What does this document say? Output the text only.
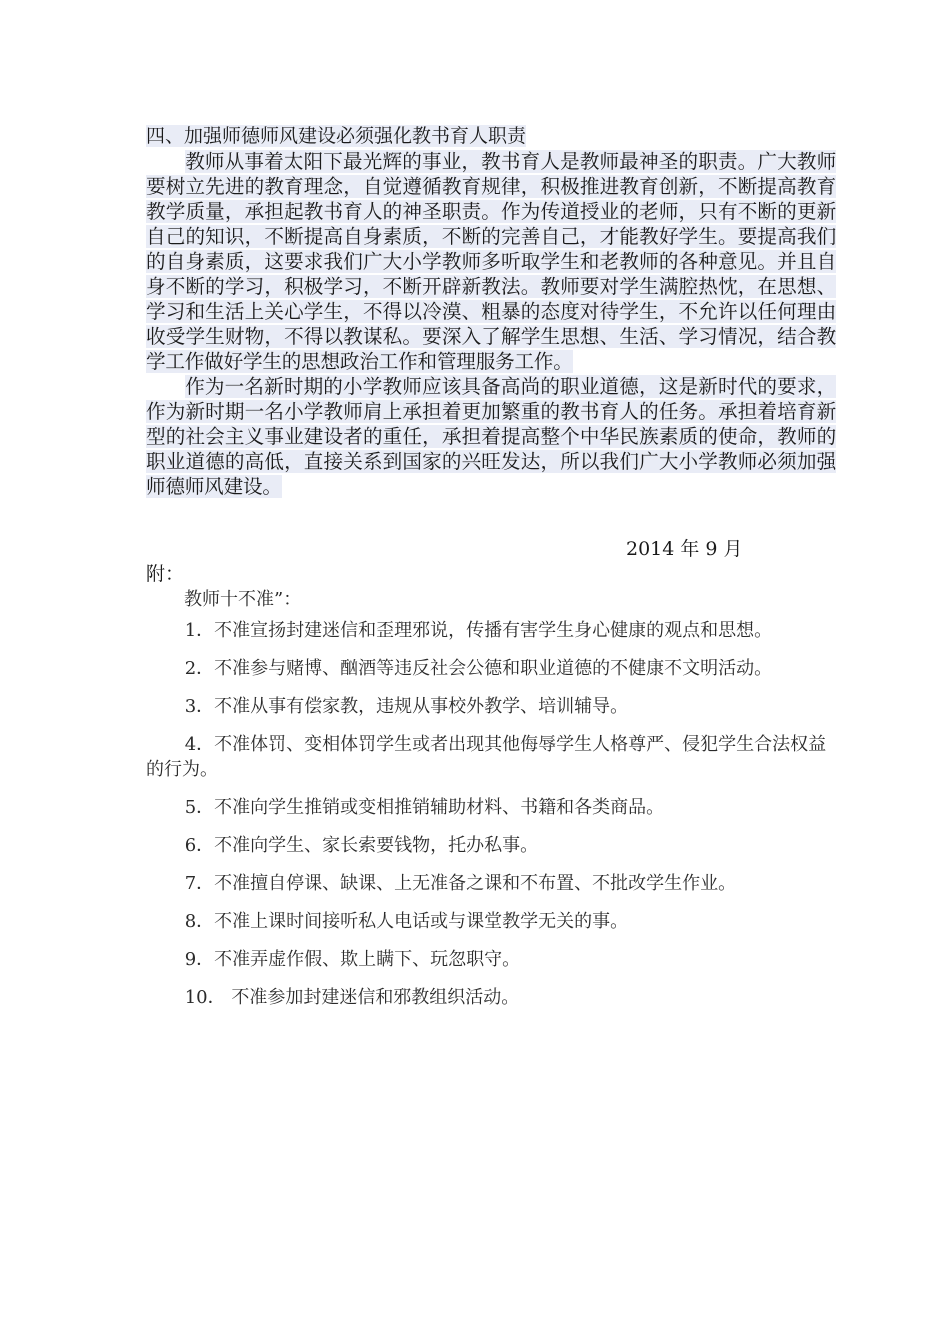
四、加强师德师风建设必须强化教书育人职责

教师从事着太阳下最光辉的事业，教书育人是教师最神圣的职责。广大教师要树立先进的教育理念，自觉遵循教育规律，积极推进教育创新，不断提高教育教学质量，承担起教书育人的神圣职责。作为传道授业的老师，只有不断的更新自己的知识，不断提高自身素质，不断的完善自己，才能教好学生。要提高我们的自身素质，这要求我们广大小学教师多听取学生和老教师的各种意见。并且自身不断的学习，积极学习，不断开辟新教法。教师要对学生满腔热忱，在思想、学习和生活上关心学生，不得以冷漠、粗暴的态度对待学生，不允许以任何理由收受学生财物，不得以教谋私。要深入了解学生思想、生活、学习情况，结合教学工作做好学生的思想政治工作和管理服务工作。

作为一名新时期的小学教师应该具备高尚的职业道德，这是新时代的要求，作为新时期一名小学教师肩上承担着更加繁重的教书育人的任务。承担着培育新型的社会主义事业建设者的重任，承担着提高整个中华民族素质的使命，教师的职业道德的高低，直接关系到国家的兴旺发达，所以我们广大小学教师必须加强师德师风建设。

2014 年 9 月

附：

教师十不准”：

1．不准宣扬封建迷信和歪理邪说，传播有害学生身心健康的观点和思想。
2．不准参与赌博、酗酒等违反社会公德和职业道德的不健康不文明活动。
3．不准从事有偿家教，违规从事校外教学、培训辅导。
4．不准体罚、变相体罚学生或者出现其他侮辱学生人格尊严、侵犯学生合法权益的行为。
5．不准向学生推销或变相推销辅助材料、书籍和各类商品。
6．不准向学生、家长索要钱物，托办私事。
7．不准擅自停课、缺课、上无准备之课和不布置、不批改学生作业。
8．不准上课时间接听私人电话或与课堂教学无关的事。
9．不准弄虚作假、欺上瞒下、玩忽职守。
10． 不准参加封建迷信和邪教组织活动。
